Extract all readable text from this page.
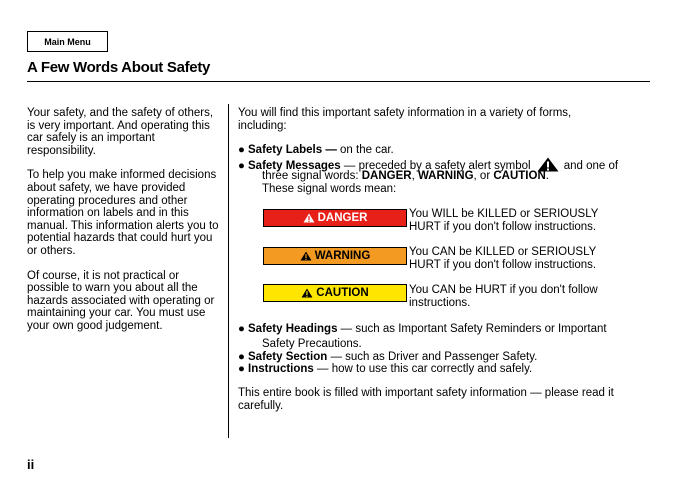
Main Menu
A Few Words About Safety

Your safety, and the safety of others, is very important. And operating this car safely is an important responsibility.

To help you make informed decisions about safety, we have provided operating procedures and other information on labels and in this manual. This information alerts you to potential hazards that could hurt you or others.

Of course, it is not practical or possible to warn you about all the hazards associated with operating or maintaining your car. You must use your own good judgement.

You will find this important safety information in a variety of forms, including:

● Safety Labels — on the car.
● Safety Messages — preceded by a safety alert symbol	and one of
three signal words: DANGER, WARNING, or CAUTION.
These signal words mean:
DANGER	You WILL be KILLED or SERIOUSLY
HURT if you don't follow instructions.
WARNING	You CAN be KILLED or SERIOUSLY
HURT if you don't follow instructions.
CAUTION	You CAN be HURT if you don't follow
instructions.
● Safety Headings — such as Important Safety Reminders or Important
Safety Precautions.
● Safety Section — such as Driver and Passenger Safety.
● Instructions — how to use this car correctly and safely.

This entire book is filled with important safety information — please read it carefully.

ii
